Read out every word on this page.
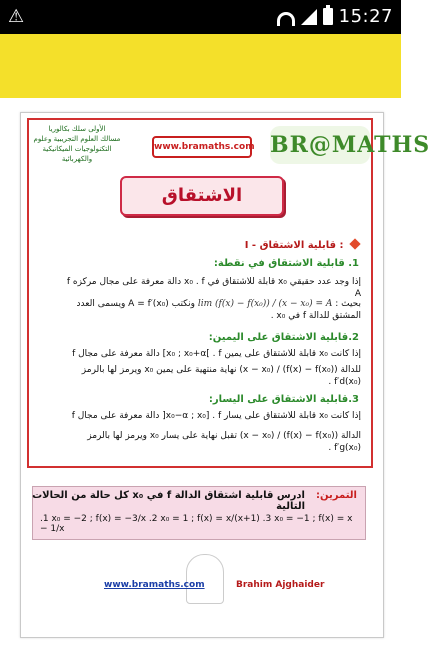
⚠	15:27
الأولى سلك بكالوريا
مسالك العلوم التجريبية وعلوم
التكنولوجيات الميكانيكية والكهربائية
www.bramaths.com BR@MATHS
الاشتقاق
I - قابلية الاشتقاق :
1. قابلية الاشتقاق في نقطة:
f دالة معرفة على مجال مركزه x₀ . f قابلة للاشتقاق في x₀ إذا وجد عدد حقيقي A
بحيث : lim (f(x) − f(x₀)) / (x − x₀) = A ونكتب A = f′(x₀) ويسمى العدد المشتق للدالة f في x₀ .
2.قابلية الاشتقاق على اليمين:
f دالة معرفة على مجال [x₀ ; x₀+α[ . f قابلة للاشتقاق على يمين x₀ إذا كانت
للدالة (f(x) − f(x₀)) / (x − x₀) نهاية منتهية على يمين x₀ ويرمز لها بالرمز f′d(x₀) .
3.قابلية الاشتقاق على اليسار:
f دالة معرفة على مجال ]x₀−α ; x₀] . f قابلة للاشتقاق على يسار x₀ إذا كانت
الدالة (f(x) − f(x₀)) / (x − x₀) تقبل نهاية على يسار x₀ ويرمز لها بالرمز f′g(x₀) .
التمرين:
ادرس قابلية اشتقاق الدالة f في x₀ كل حالة من الحالات التالية
.1 x₀ = −2 ; f(x) = −3/x .2 x₀ = 1 ; f(x) = x/(x+1) .3 x₀ = −1 ; f(x) = x − 1/x
www.bramaths.com	Brahim Ajghaider
